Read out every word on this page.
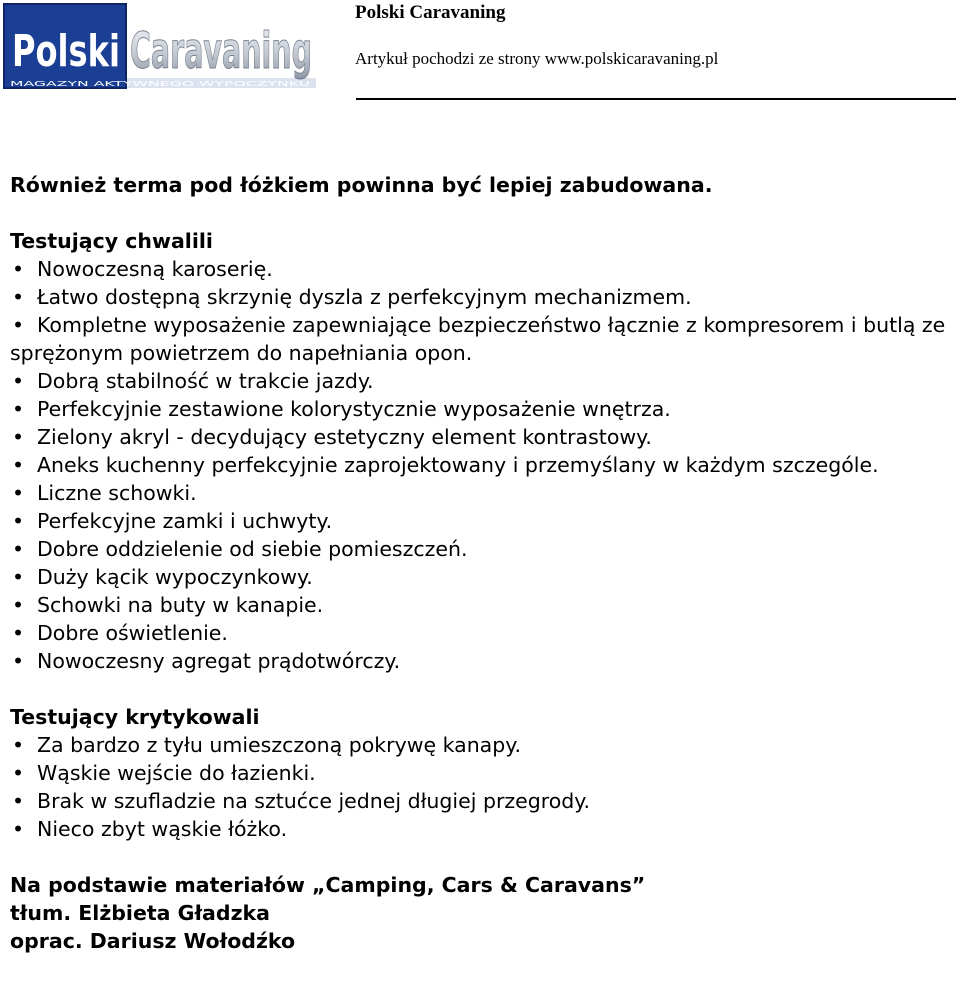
Polski Caravaning
MAGAZYN AKTYWNEGO WYPOCZYNKU
Polski Caravaning
Artykuł pochodzi ze strony www.polskicaravaning.pl

Również terma pod łóżkiem powinna być lepiej zabudowana.

Testujący chwalili

• Nowoczesną karoserię.
• Łatwo dostępną skrzynię dyszla z perfekcyjnym mechanizmem.
• Kompletne wyposażenie zapewniające bezpieczeństwo łącznie z kompresorem i butlą ze sprężonym powietrzem do napełniania opon.
• Dobrą stabilność w trakcie jazdy.
• Perfekcyjnie zestawione kolorystycznie wyposażenie wnętrza.
• Zielony akryl - decydujący estetyczny element kontrastowy.
• Aneks kuchenny perfekcyjnie zaprojektowany i przemyślany w każdym szczególe.
• Liczne schowki.
• Perfekcyjne zamki i uchwyty.
• Dobre oddzielenie od siebie pomieszczeń.
• Duży kącik wypoczynkowy.
• Schowki na buty w kanapie.
• Dobre oświetlenie.
• Nowoczesny agregat prądotwórczy.

Testujący krytykowali

• Za bardzo z tyłu umieszczoną pokrywę kanapy.
• Wąskie wejście do łazienki.
• Brak w szufladzie na sztućce jednej długiej przegrody.
• Nieco zbyt wąskie łóżko.

Na podstawie materiałów „Camping, Cars & Caravans”

tłum. Elżbieta Gładzka

oprac. Dariusz Wołodźko
